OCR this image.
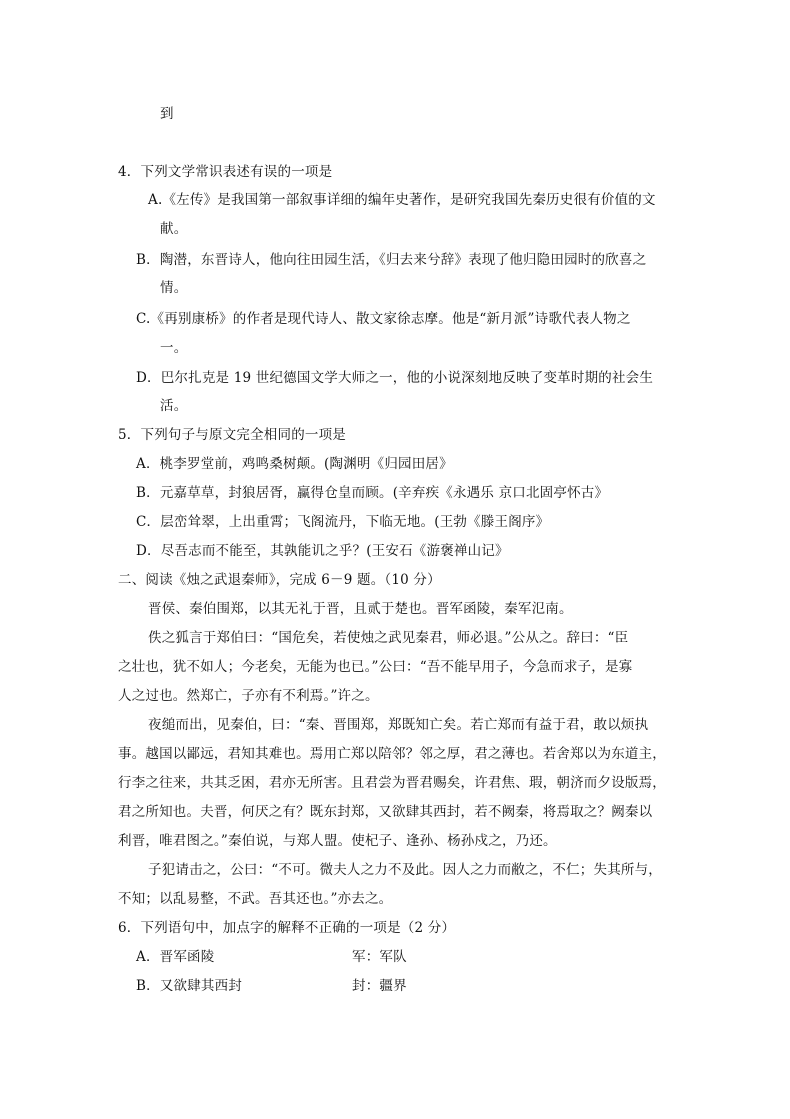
到
4．下列文学常识表述有误的一项是
A.《左传》是我国第一部叙事详细的编年史著作，是研究我国先秦历史很有价值的文
献。
B．陶潜，东晋诗人，他向往田园生活，《归去来兮辞》表现了他归隐田园时的欣喜之
情。
C.《再别康桥》的作者是现代诗人、散文家徐志摩。他是“新月派”诗歌代表人物之
一。
D．巴尔扎克是 19 世纪德国文学大师之一，他的小说深刻地反映了变革时期的社会生
活。
5．下列句子与原文完全相同的一项是
A．桃李罗堂前，鸡鸣桑树颠。(陶渊明《归园田居》
B．元嘉草草，封狼居胥，赢得仓皇而顾。(辛弃疾《永遇乐 京口北固亭怀古》
C．层峦耸翠，上出重霄；飞阁流丹，下临无地。(王勃《滕王阁序》
D．尽吾志而不能至，其孰能讥之乎？(王安石《游褒禅山记》
二、阅读《烛之武退秦师》，完成 6－9 题。（10 分）
晋侯、秦伯围郑，以其无礼于晋，且贰于楚也。晋军函陵，秦军氾南。
佚之狐言于郑伯曰：“国危矣，若使烛之武见秦君，师必退。”公从之。辞曰：“臣
之壮也，犹不如人；今老矣，无能为也已。”公曰：“吾不能早用子，今急而求子，是寡
人之过也。然郑亡，子亦有不利焉。”许之。
夜缒而出，见秦伯，曰：“秦、晋围郑，郑既知亡矣。若亡郑而有益于君，敢以烦执
事。越国以鄙远，君知其难也。焉用亡郑以陪邻？邻之厚，君之薄也。若舍郑以为东道主，
行李之往来，共其乏困，君亦无所害。且君尝为晋君赐矣，许君焦、瑕，朝济而夕设版焉，
君之所知也。夫晋，何厌之有？既东封郑，又欲肆其西封，若不阙秦，将焉取之？阙秦以
利晋，唯君图之。”秦伯说，与郑人盟。使杞子、逢孙、杨孙戍之，乃还。
子犯请击之，公曰：“不可。微夫人之力不及此。因人之力而敝之，不仁；失其所与，
不知；以乱易整，不武。吾其还也。”亦去之。
6．下列语句中，加点字的解释不正确的一项是（2 分）
A．晋军函陵	军：军队
B．又欲肆其西封	封：疆界
